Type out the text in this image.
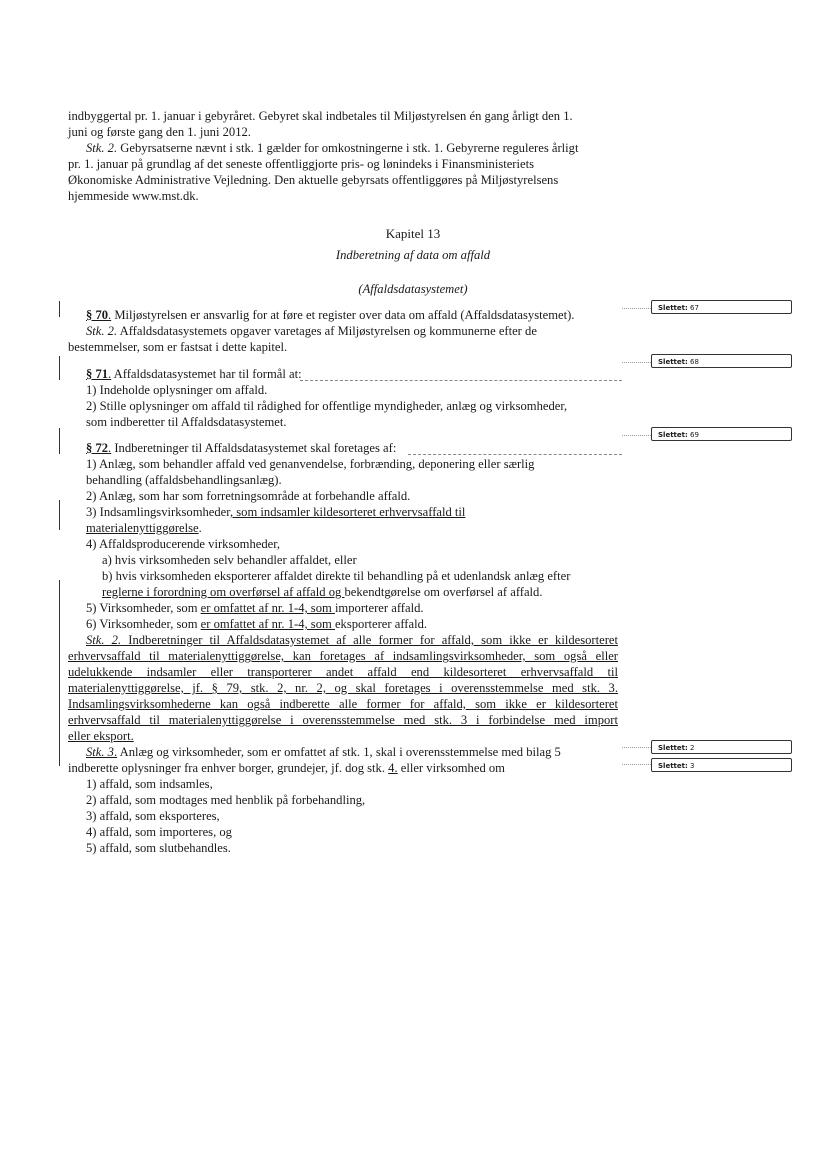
indbyggertal pr. 1. januar i gebyråret. Gebyret skal indbetales til Miljøstyrelsen én gang årligt den 1.
juni og første gang den 1. juni 2012.
Stk. 2. Gebyrsatserne nævnt i stk. 1 gælder for omkostningerne i stk. 1. Gebyrerne reguleres årligt
pr. 1. januar på grundlag af det seneste offentliggjorte pris- og lønindeks i Finansministeriets
Økonomiske Administrative Vejledning. Den aktuelle gebyrsats offentliggøres på Miljøstyrelsens
hjemmeside www.mst.dk.
Kapitel 13
Indberetning af data om affald
(Affaldsdatasystemet)
§ 70. Miljøstyrelsen er ansvarlig for at føre et register over data om affald (Affaldsdatasystemet).
Stk. 2. Affaldsdatasystemets opgaver varetages af Miljøstyrelsen og kommunerne efter de
bestemmelser, som er fastsat i dette kapitel.
§ 71. Affaldsdatasystemet har til formål at:
1) Indeholde oplysninger om affald.
2) Stille oplysninger om affald til rådighed for offentlige myndigheder, anlæg og virksomheder,
som indberetter til Affaldsdatasystemet.
§ 72. Indberetninger til Affaldsdatasystemet skal foretages af:
1) Anlæg, som behandler affald ved genanvendelse, forbrænding, deponering eller særlig
behandling (affaldsbehandlingsanlæg).
2) Anlæg, som har som forretningsområde at forbehandle affald.
3) Indsamlingsvirksomheder, som indsamler kildesorteret erhvervsaffald til
materialenyttiggørelse.
4) Affaldsproducerende virksomheder,
a) hvis virksomheden selv behandler affaldet, eller
b) hvis virksomheden eksporterer affaldet direkte til behandling på et udenlandsk anlæg efter
reglerne i forordning om overførsel af affald og bekendtgørelse om overførsel af affald.
5) Virksomheder, som er omfattet af nr. 1-4, som importerer affald.
6) Virksomheder, som er omfattet af nr. 1-4, som eksporterer affald.
Stk. 2. Indberetninger til Affaldsdatasystemet af alle former for affald, som ikke er kildesorteret
erhvervsaffald til materialenyttiggørelse, kan foretages af indsamlingsvirksomheder, som også eller
udelukkende indsamler eller transporterer andet affald end kildesorteret erhvervsaffald til
materialenyttiggørelse, jf. § 79, stk. 2, nr. 2, og skal foretages i overensstemmelse med stk. 3.
Indsamlingsvirksomhederne kan også indberette alle former for affald, som ikke er kildesorteret
erhvervsaffald til materialenyttiggørelse i overensstemmelse med stk. 3 i forbindelse med import
eller eksport.
Stk. 3. Anlæg og virksomheder, som er omfattet af stk. 1, skal i overensstemmelse med bilag 5
indberette oplysninger fra enhver borger, grundejer, jf. dog stk. 4. eller virksomhed om
1) affald, som indsamles,
2) affald, som modtages med henblik på forbehandling,
3) affald, som eksporteres,
4) affald, som importeres, og
5) affald, som slutbehandles.
Slettet: 67
Slettet: 68
Slettet: 69
Slettet: 2
Slettet: 3
